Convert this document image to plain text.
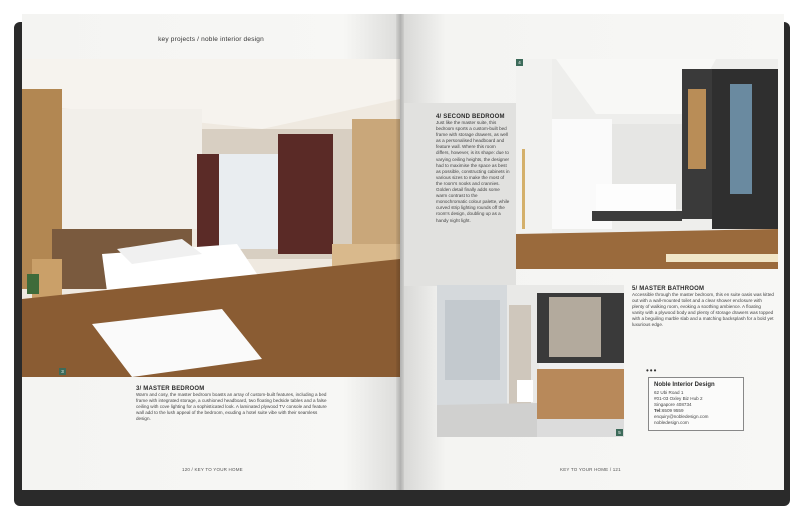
key projects / noble interior design
3
3/ MASTER BEDROOM
Warm and cosy, the master bedroom boasts an array of custom-built features, including a bed frame with integrated storage, a cushioned headboard, two floating bedside tables and a false ceiling with cove lighting for a sophisticated look. A laminated plywood TV console and feature wall add to the lush appeal of the bedroom, exuding a hotel suite vibe with their seamless design.
120 / KEY TO YOUR HOME
4/ SECOND BEDROOM
Just like the master suite, this bedroom sports a custom-built bed frame with storage drawers, as well as a personalised headboard and feature wall. Where this room differs, however, is its shape: due to varying ceiling heights, the designer had to maximise the space as best as possible, constructing cabinets in various sizes to make the most of the room's nooks and crannies. Golden detail finally adds some warm contrast to the monochromatic colour palette, while curved strip lighting rounds off the room's design, doubling up as a handy night light.
4
5
5/ MASTER BATHROOM
Accessible through the master bedroom, this en suite oasis was kitted out with a wall-mounted toilet and a clear shower enclosure with plenty of walking room, evoking a soothing ambience. A floating vanity with a plywood body and plenty of storage drawers was topped with a beguiling marble slab and a matching backsplash for a bold yet luxurious edge.
•••
Noble Interior Design
62 Ubi Road 1
#01-03 Oxley Biz Hub 2
Singapore 408734
Tel:6509 9559
enquiry@nobledesign.com
nobledesign.com
KEY TO YOUR HOME / 121
